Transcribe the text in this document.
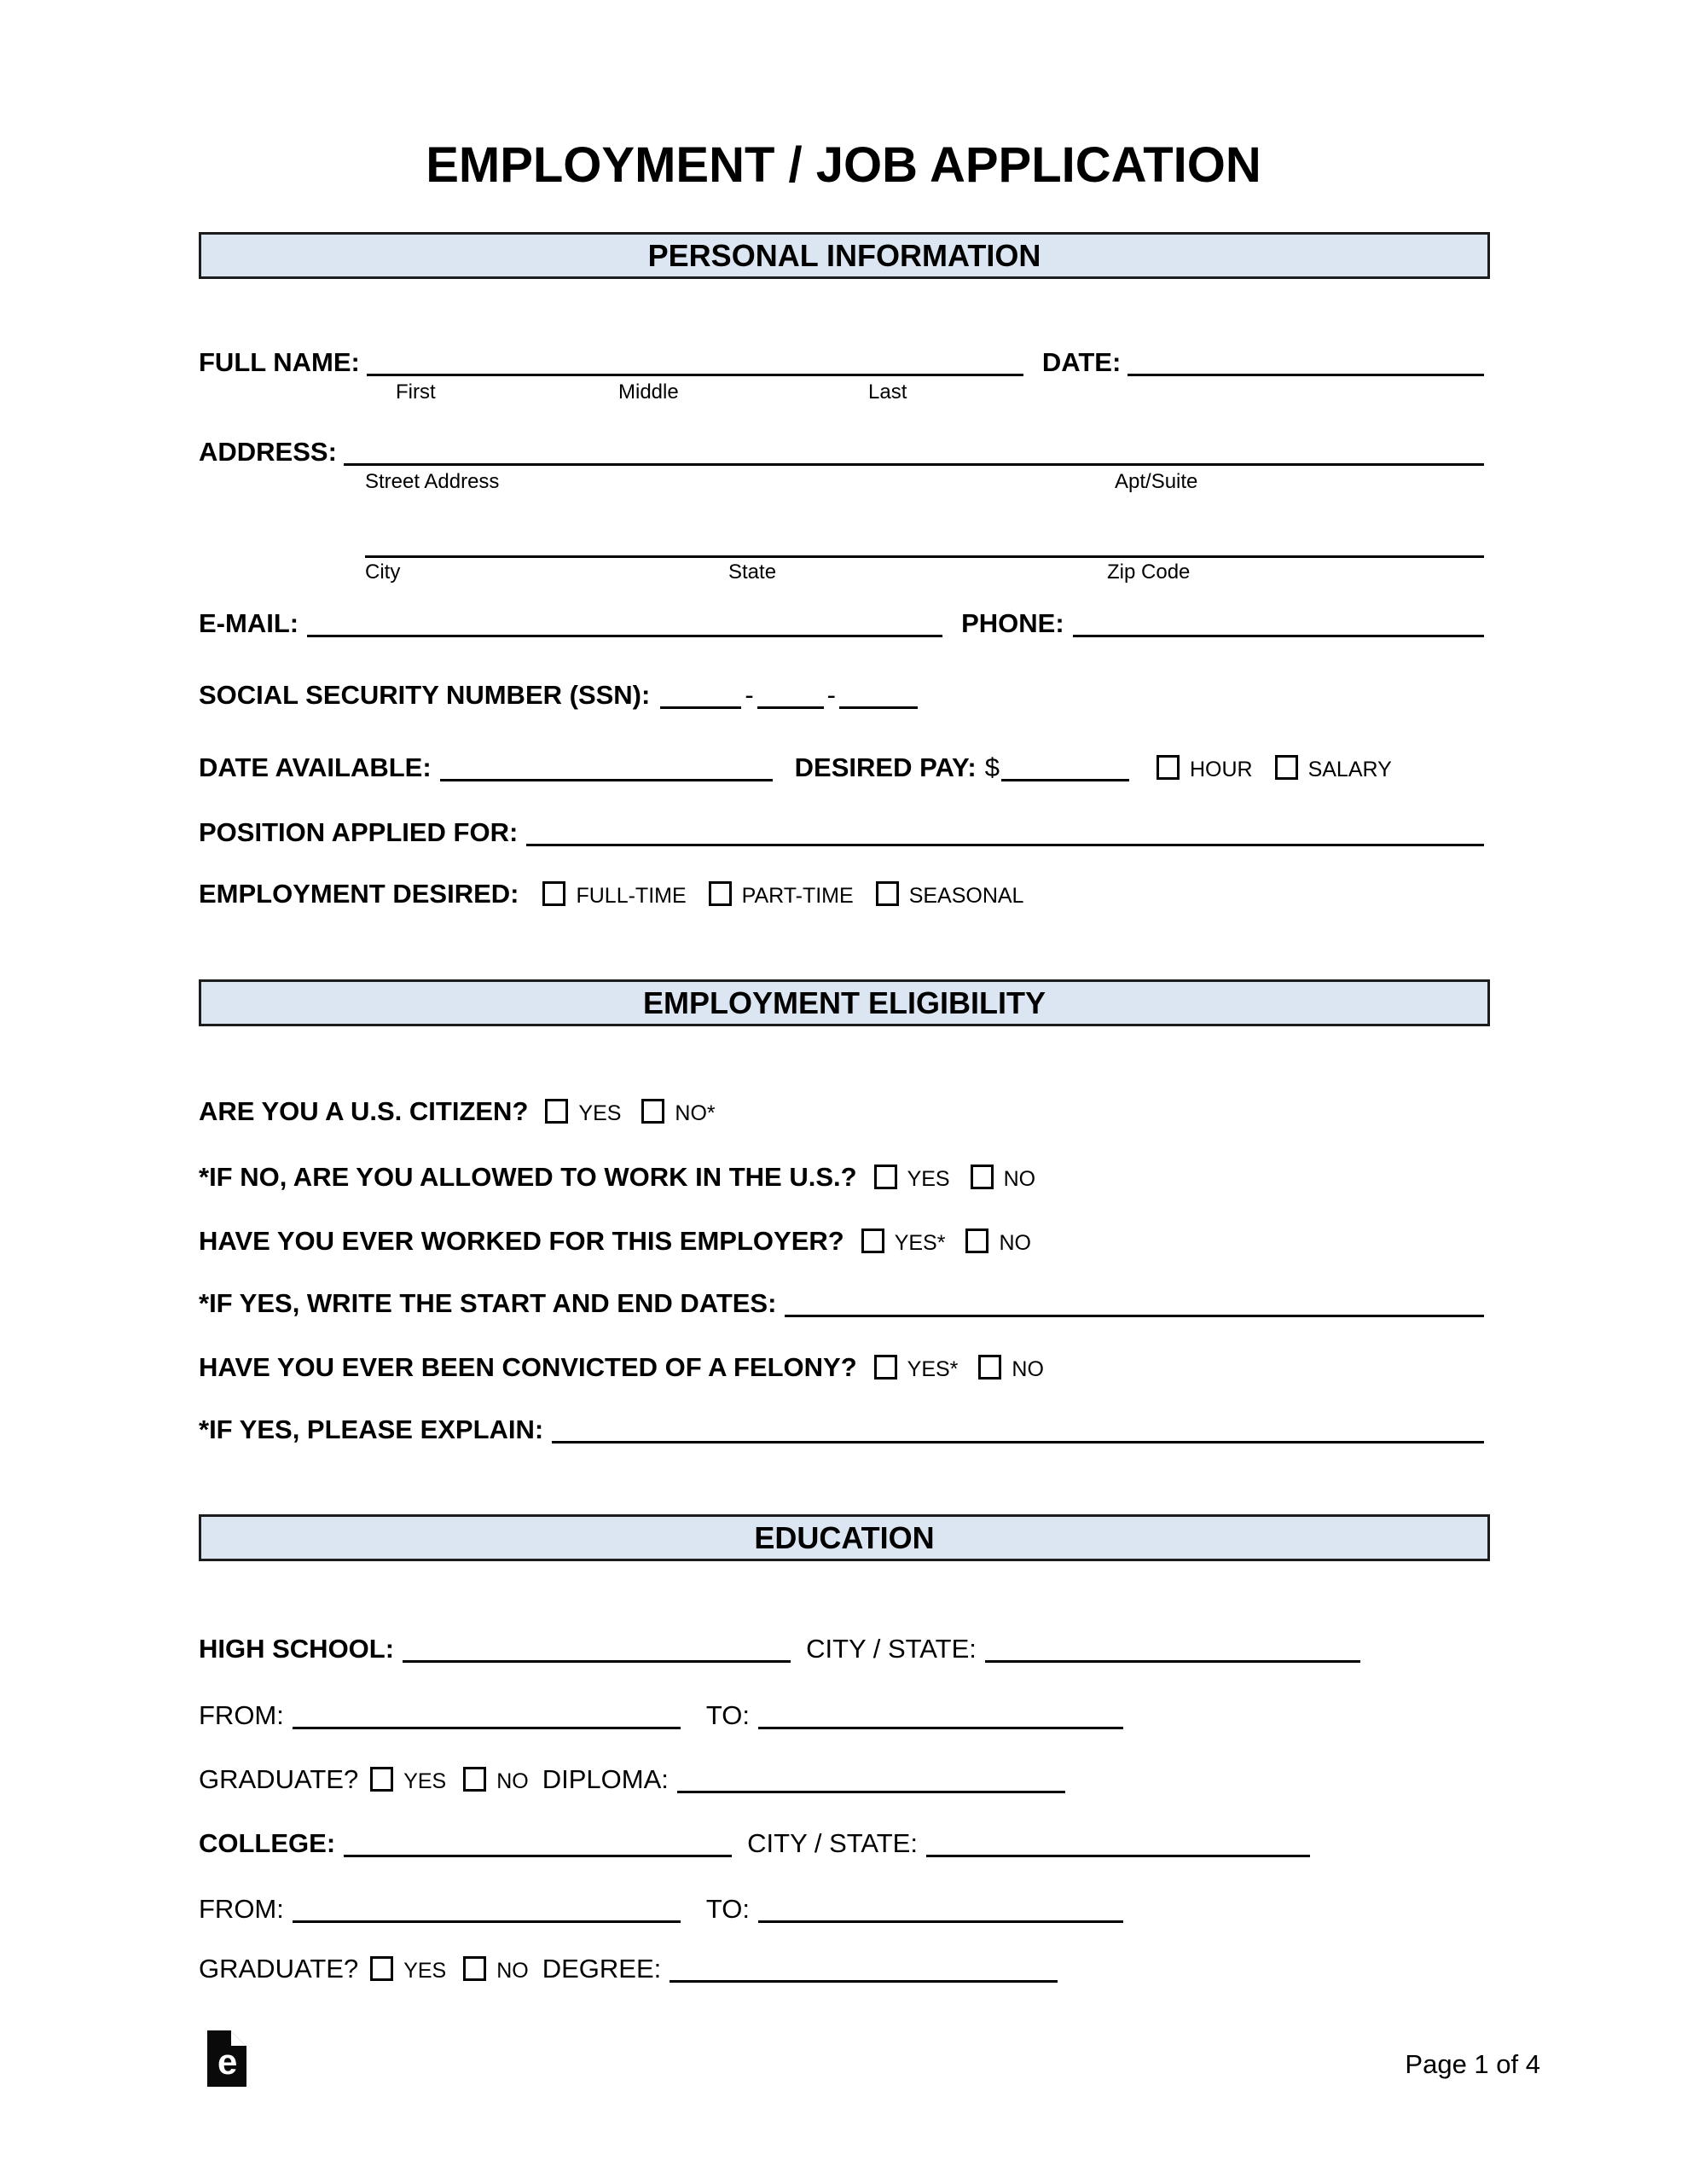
EMPLOYMENT / JOB APPLICATION
PERSONAL INFORMATION
FULL NAME:	DATE:
First	Middle	Last
ADDRESS:
Street Address	Apt/Suite
City	State	Zip Code
E-MAIL:	PHONE:
SOCIAL SECURITY NUMBER (SSN):	-	-
DATE AVAILABLE:	DESIRED PAY: $	HOUR	SALARY
POSITION APPLIED FOR:
EMPLOYMENT DESIRED:	FULL-TIME	PART-TIME	SEASONAL
EMPLOYMENT ELIGIBILITY
ARE YOU A U.S. CITIZEN? YES	NO*
*IF NO, ARE YOU ALLOWED TO WORK IN THE U.S.? YES	NO
HAVE YOU EVER WORKED FOR THIS EMPLOYER? YES*	NO
*IF YES, WRITE THE START AND END DATES:
HAVE YOU EVER BEEN CONVICTED OF A FELONY? YES*	NO
*IF YES, PLEASE EXPLAIN:
EDUCATION
HIGH SCHOOL:	CITY / STATE:
FROM:	TO:
GRADUATE? YES NO DIPLOMA:
COLLEGE:	CITY / STATE:
FROM:	TO:
GRADUATE? YES NO DEGREE:
e	Page 1 of 4
